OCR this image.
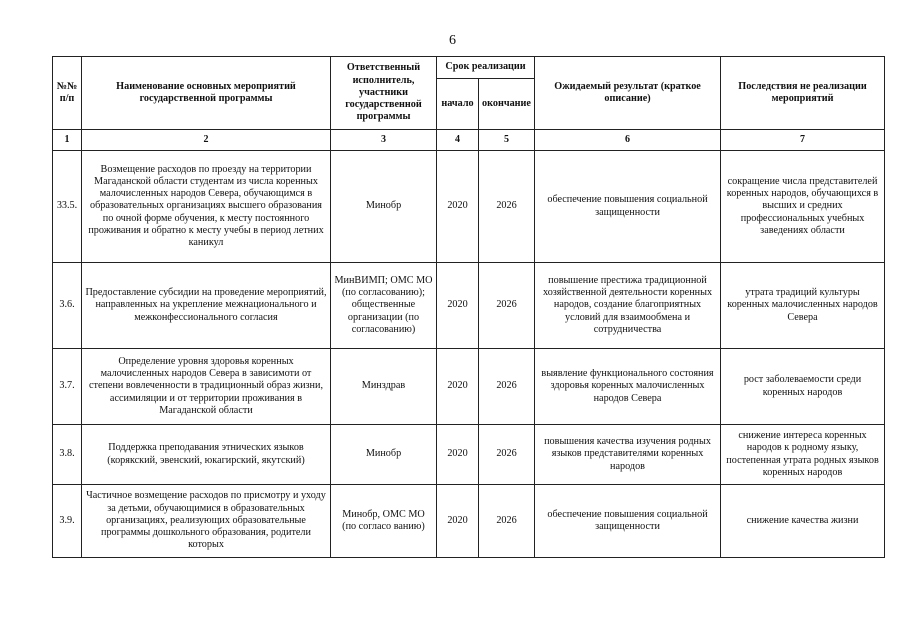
6
№№ п/п	Наименование основных мероприятий государственной программы	Ответственный исполнитель, участники государственной программы	Срок реализации		Ожидаемый результат (краткое описание)	Последствия не реализации мероприятий
			начало	окончание		
1	2	3	4	5	6	7
33.5.	Возмещение расходов по проезду на территории Магаданской области студентам из числа коренных малочисленных народов Севера, обучающимся в образовательных организациях высшего образования по очной форме обучения, к месту постоянного проживания и обратно к месту учебы в период летних каникул	Минобр	2020	2026	обеспечение повышения социальной защищенности	сокращение числа представителей коренных народов, обучающихся в высших и средних профессиональных учебных заведениях области
3.6.	Предоставление субсидии на проведение мероприятий, направленных на укрепление межнационального и межконфессионального согласия	МинВИМП; ОМС МО (по согласованию); общественные организации (по согласованию)	2020	2026	повышение престижа традиционной хозяйственной деятельности коренных народов, создание благоприятных условий для взаимообмена и сотрудничества	утрата традиций культуры коренных малочисленных народов Севера
3.7.	Определение уровня здоровья коренных малочисленных народов Севера в зависимоти от степени вовлеченности в традиционный образ жизни, ассимиляции и от территории проживания в Магаданской области	Минздрав	2020	2026	выявление функционального состояния здоровья коренных малочисленных народов Севера	рост заболеваемости среди коренных народов
3.8.	Поддержка преподавания этнических языков (корякский, эвенский, юкагирский, якутский)	Минобр	2020	2026	повышения качества изучения родных языков представителями коренных народов	снижение интереса коренных народов к родному языку, постепенная утрата родных языков коренных народов
3.9.	Частичное возмещение расходов по присмотру и уходу за детьми, обучающимися в образовательных организациях, реализующих образовательные программы дошкольного образования, родители которых	Минобр, ОМС МО (по соглaсо ванию)	2020	2026	обеспечение повышения социальной защищенности	снижение качества жизни
